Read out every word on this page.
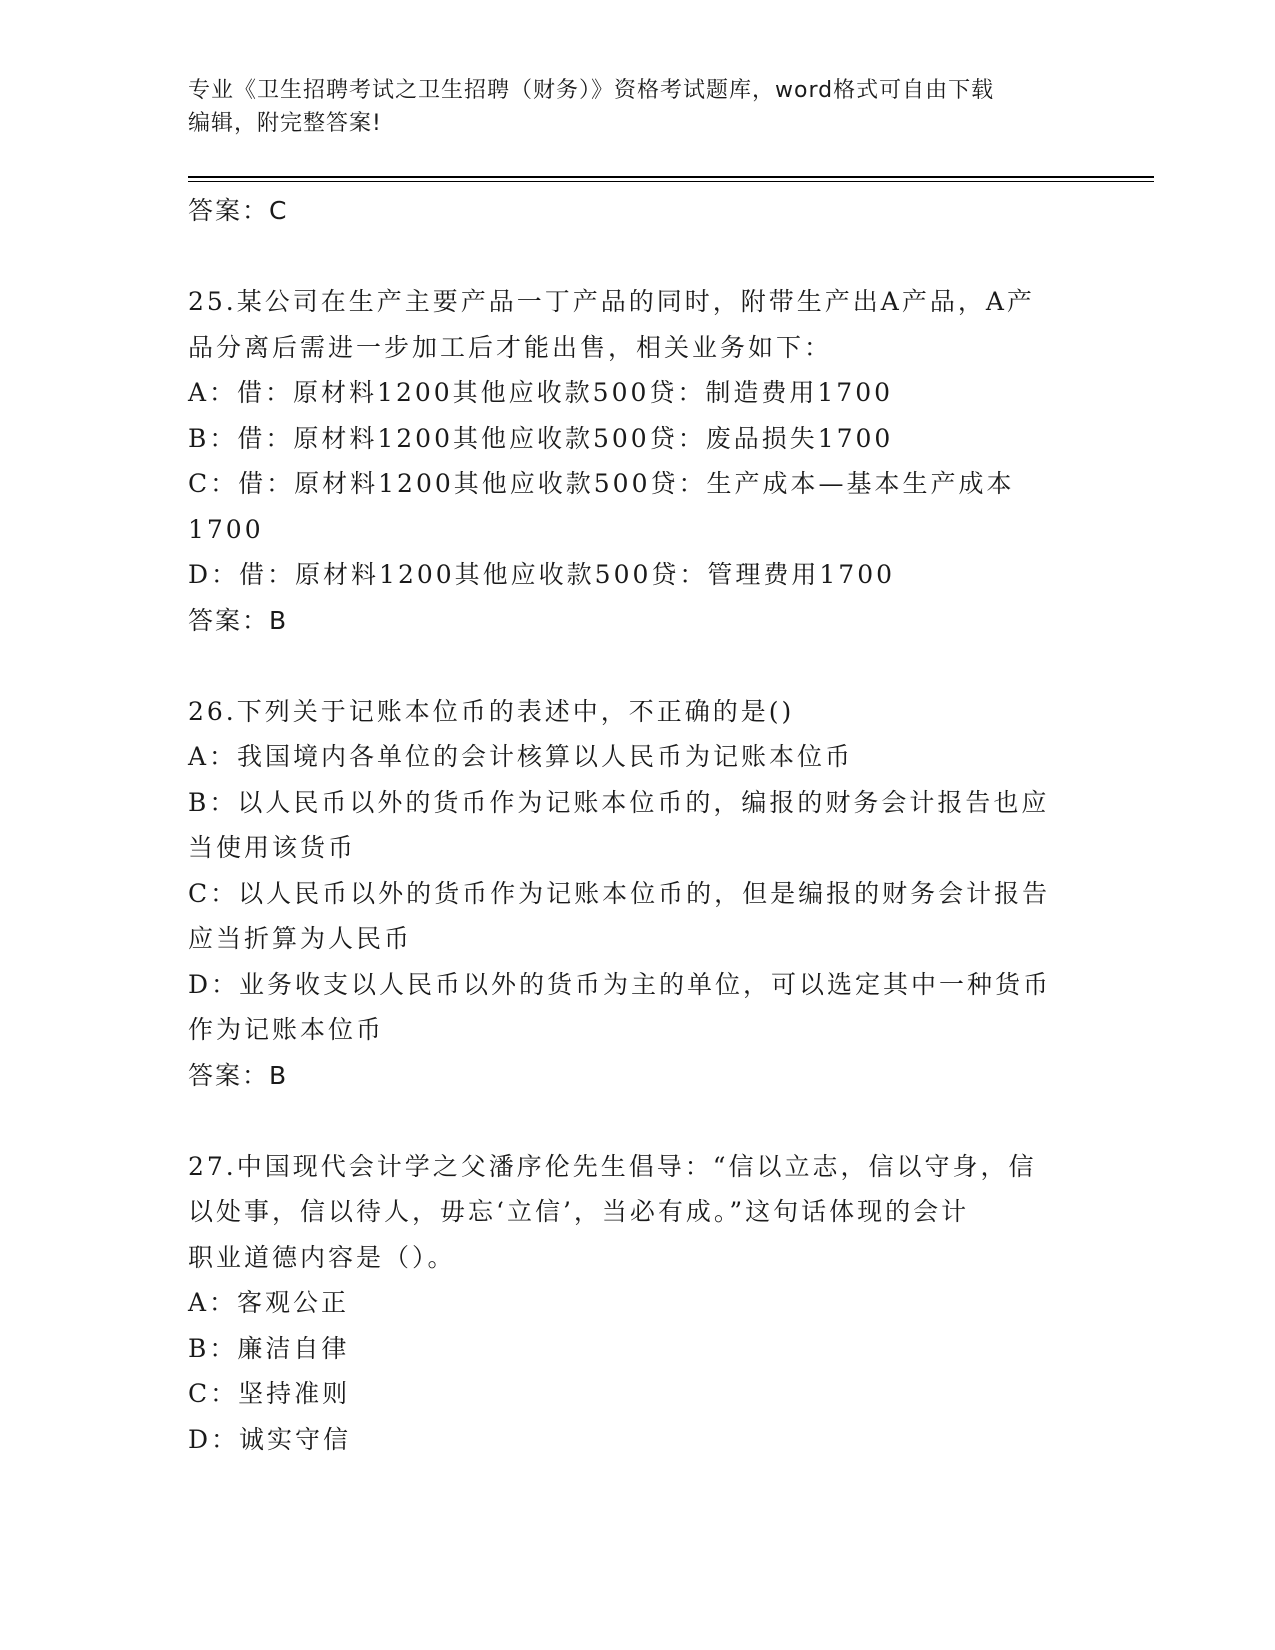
专业《卫生招聘考试之卫生招聘（财务）》资格考试题库，word格式可自由下载
编辑，附完整答案!
答案：C
25.某公司在生产主要产品一丁产品的同时，附带生产出A产品，A产
品分离后需进一步加工后才能出售，相关业务如下：
A：借：原材料1200其他应收款500贷：制造费用1700
B：借：原材料1200其他应收款500贷：废品损失1700
C：借：原材料1200其他应收款500贷：生产成本—基本生产成本
1700
D：借：原材料1200其他应收款500贷：管理费用1700
答案：B
26.下列关于记账本位币的表述中，不正确的是()
A：我国境内各单位的会计核算以人民币为记账本位币
B：以人民币以外的货币作为记账本位币的，编报的财务会计报告也应
当使用该货币
C：以人民币以外的货币作为记账本位币的，但是编报的财务会计报告
应当折算为人民币
D：业务收支以人民币以外的货币为主的单位，可以选定其中一种货币
作为记账本位币
答案：B
27.中国现代会计学之父潘序伦先生倡导：“信以立志，信以守身，信
以处事，信以待人，毋忘‘立信’，当必有成。”这句话体现的会计
职业道德内容是（）。
A：客观公正
B：廉洁自律
C：坚持准则
D：诚实守信
